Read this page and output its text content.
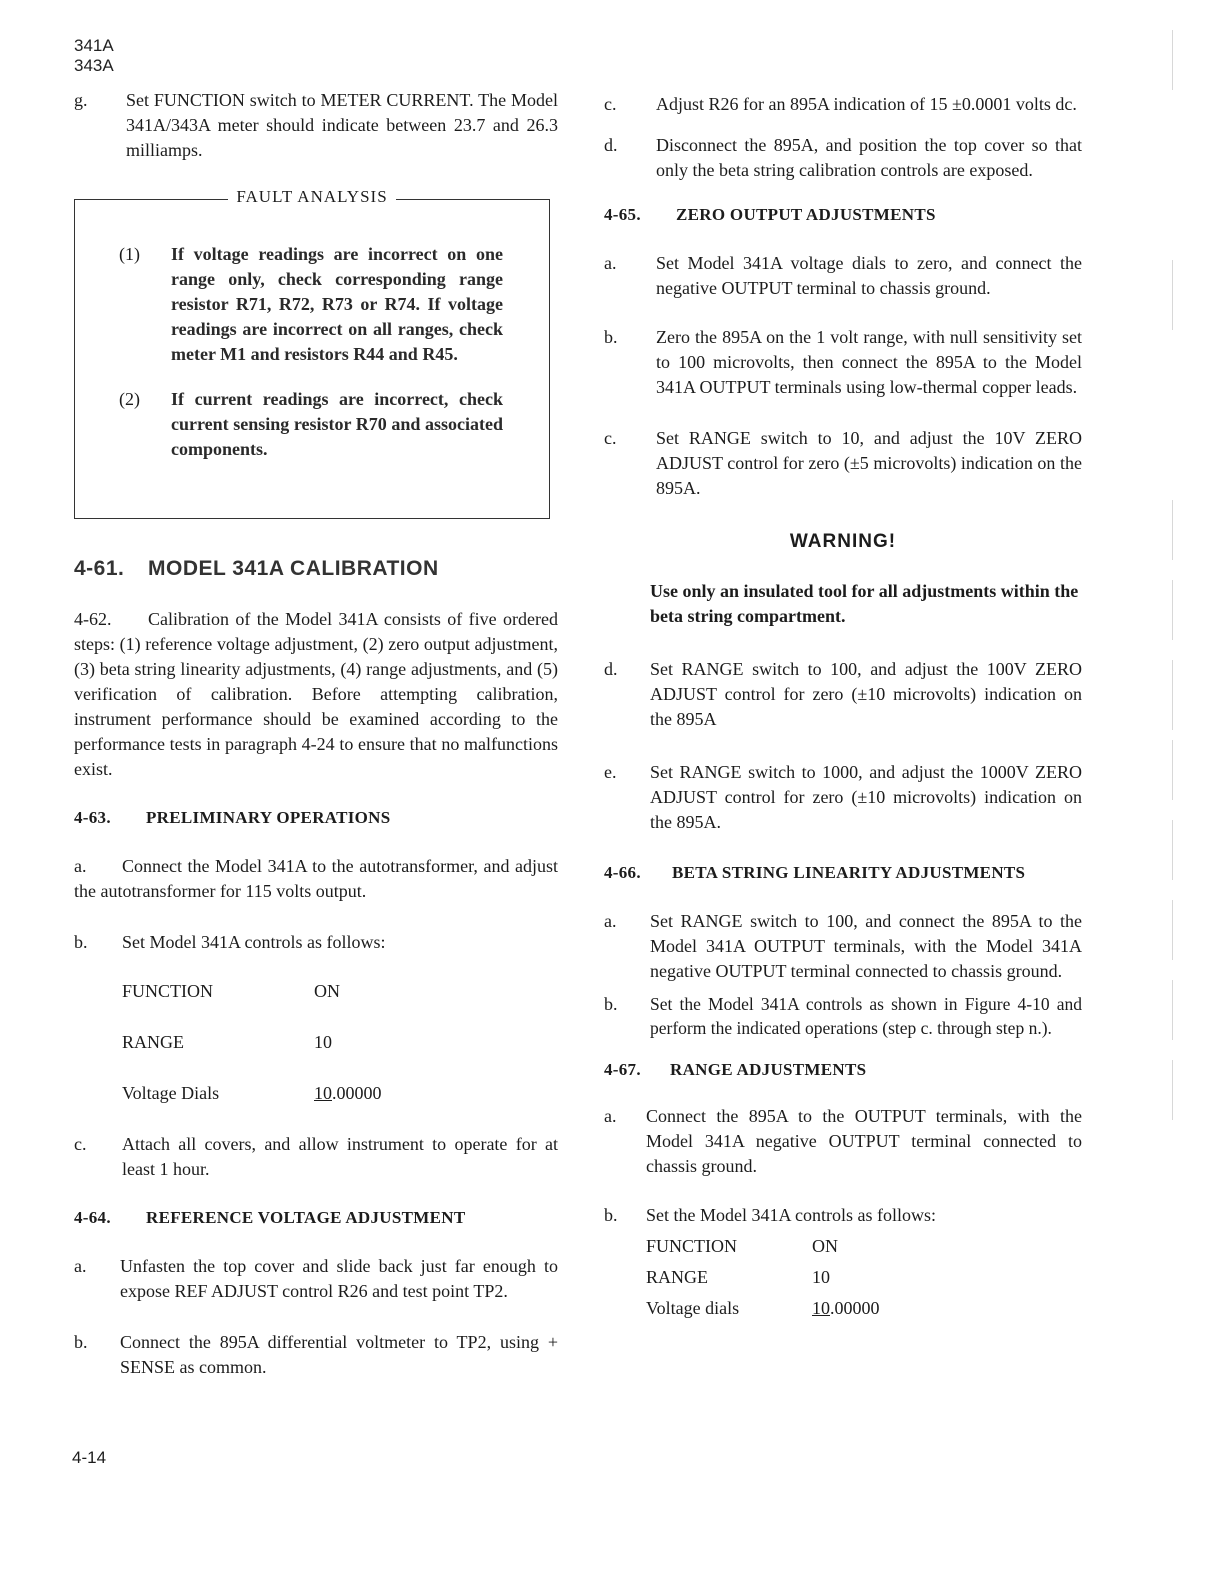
341A
343A
g.	Set FUNCTION switch to METER CURRENT. The Model 341A/343A meter should indicate between 23.7 and 26.3 milliamps.
FAULT ANALYSIS
(1)	If voltage readings are incorrect on one range only, check corresponding range resistor R71, R72, R73 or R74. If voltage readings are incorrect on all ranges, check meter M1 and resistors R44 and R45.
(2)	If current readings are incorrect, check current sensing resistor R70 and associated components.
4-61.	MODEL 341A CALIBRATION

4-62. Calibration of the Model 341A consists of five ordered steps: (1) reference voltage adjustment, (2) zero output adjustment, (3) beta string linearity adjustments, (4) range adjustments, and (5) verification of calibration. Before attempting calibration, instrument performance should be examined according to the performance tests in paragraph 4-24 to ensure that no malfunctions exist.

4-63.	PRELIMINARY OPERATIONS

a. Connect the Model 341A to the autotransformer, and adjust the autotransformer for 115 volts output.

b.	Set Model 341A controls as follows:
FUNCTION	ON
RANGE	10
Voltage Dials	10.00000
c.	Attach all covers, and allow instrument to operate for at least 1 hour.
4-64.	REFERENCE VOLTAGE ADJUSTMENT
a.	Unfasten the top cover and slide back just far enough to expose REF ADJUST control R26 and test point TP2.
b.	Connect the 895A differential voltmeter to TP2, using + SENSE as common.
c.	Adjust R26 for an 895A indication of 15 ±0.0001 volts dc.
d.	Disconnect the 895A, and position the top cover so that only the beta string calibration controls are exposed.
4-65.	ZERO OUTPUT ADJUSTMENTS
a.	Set Model 341A voltage dials to zero, and connect the negative OUTPUT terminal to chassis ground.
b.	Zero the 895A on the 1 volt range, with null sensitivity set to 100 microvolts, then connect the 895A to the Model 341A OUTPUT terminals using low-thermal copper leads.
c.	Set RANGE switch to 10, and adjust the 10V ZERO ADJUST control for zero (±5 microvolts) indication on the 895A.
WARNING!
Use only an insulated tool for all adjustments within the beta string compartment.
d.	Set RANGE switch to 100, and adjust the 100V ZERO ADJUST control for zero (±10 microvolts) indication on the 895A
e.	Set RANGE switch to 1000, and adjust the 1000V ZERO ADJUST control for zero (±10 microvolts) indication on the 895A.
4-66.	BETA STRING LINEARITY ADJUSTMENTS
a.	Set RANGE switch to 100, and connect the 895A to the Model 341A OUTPUT terminals, with the Model 341A negative OUTPUT terminal connected to chassis ground.
b.	Set the Model 341A controls as shown in Figure 4-10 and perform the indicated operations (step c. through step n.).
4-67.	RANGE ADJUSTMENTS
a.	Connect the 895A to the OUTPUT terminals, with the Model 341A negative OUTPUT terminal connected to chassis ground.
b.	Set the Model 341A controls as follows:
FUNCTION	ON
RANGE	10
Voltage dials	10.00000
4-14
